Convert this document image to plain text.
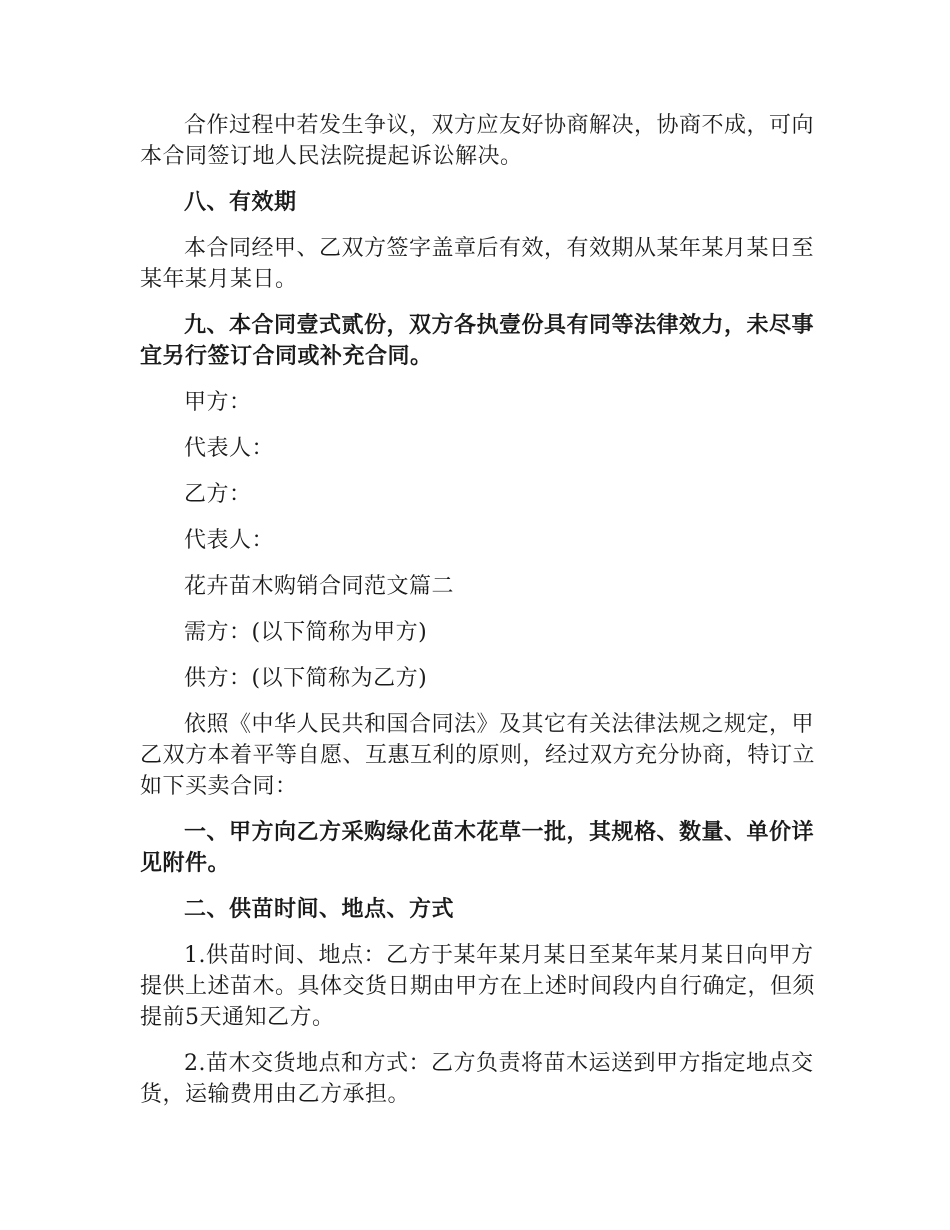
合作过程中若发生争议，双方应友好协商解决，协商不成，可向本合同签订地人民法院提起诉讼解决。

八、有效期

本合同经甲、乙双方签字盖章后有效，有效期从某年某月某日至某年某月某日。

九、本合同壹式贰份，双方各执壹份具有同等法律效力，未尽事宜另行签订合同或补充合同。

甲方：

代表人：

乙方：

代表人：

花卉苗木购销合同范文篇二

需方：(以下简称为甲方)

供方：(以下简称为乙方)

依照《中华人民共和国合同法》及其它有关法律法规之规定，甲乙双方本着平等自愿、互惠互利的原则，经过双方充分协商，特订立如下买卖合同：

一、甲方向乙方采购绿化苗木花草一批，其规格、数量、单价详见附件。

二、供苗时间、地点、方式

1.供苗时间、地点：乙方于某年某月某日至某年某月某日向甲方提供上述苗木。具体交货日期由甲方在上述时间段内自行确定，但须提前5天通知乙方。

2.苗木交货地点和方式：乙方负责将苗木运送到甲方指定地点交货，运输费用由乙方承担。
